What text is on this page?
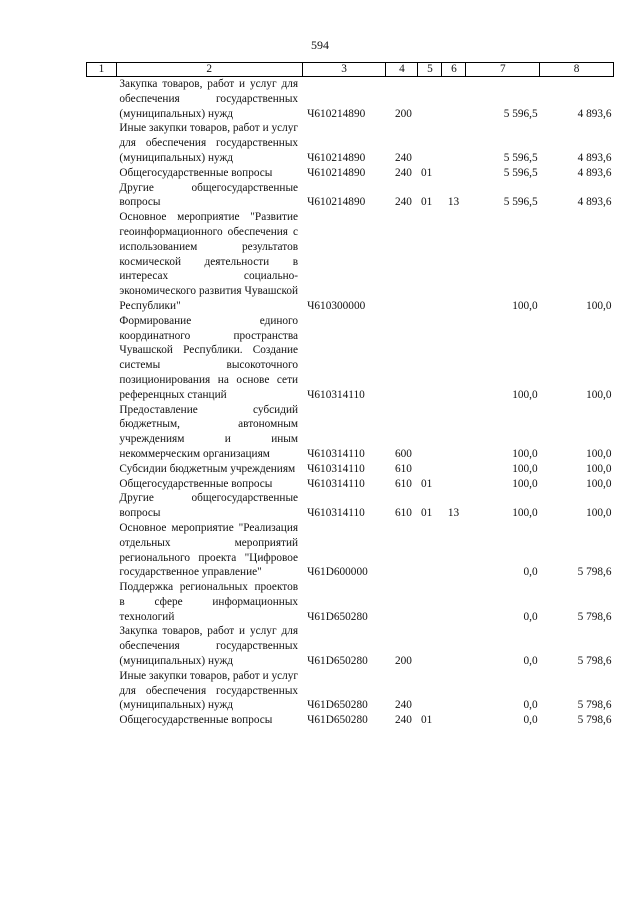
594
1	2	3	4	5	6	7	8
	Закупка товаров, работ и услуг для обеспечения государственных (муниципальных) нужд	Ч610214890	200			5 596,5	4 893,6
	Иные закупки товаров, работ и услуг для обеспечения государственных (муниципальных) нужд	Ч610214890	240			5 596,5	4 893,6
	Общегосударственные вопросы	Ч610214890	240	01		5 596,5	4 893,6
	Другие общегосударственные вопросы	Ч610214890	240	01	13	5 596,5	4 893,6
	Основное мероприятие "Развитие геоинформационного обеспечения с использованием результатов космической деятельности в интересах социально-экономического развития Чувашской Республики"	Ч610300000				100,0	100,0
	Формирование единого координатного пространства Чувашской Республики. Создание системы высокоточного позиционирования на основе сети референцных станций	Ч610314110				100,0	100,0
	Предоставление субсидий бюджетным, автономным учреждениям и иным некоммерческим организациям	Ч610314110	600			100,0	100,0
	Субсидии бюджетным учреждениям	Ч610314110	610			100,0	100,0
	Общегосударственные вопросы	Ч610314110	610	01		100,0	100,0
	Другие общегосударственные вопросы	Ч610314110	610	01	13	100,0	100,0
	Основное мероприятие "Реализация отдельных мероприятий регионального проекта "Цифровое государственное управление"	Ч61D600000				0,0	5 798,6
	Поддержка региональных проектов в сфере информационных технологий	Ч61D650280				0,0	5 798,6
	Закупка товаров, работ и услуг для обеспечения государственных (муниципальных) нужд	Ч61D650280	200			0,0	5 798,6
	Иные закупки товаров, работ и услуг для обеспечения государственных (муниципальных) нужд	Ч61D650280	240			0,0	5 798,6
	Общегосударственные вопросы	Ч61D650280	240	01		0,0	5 798,6
